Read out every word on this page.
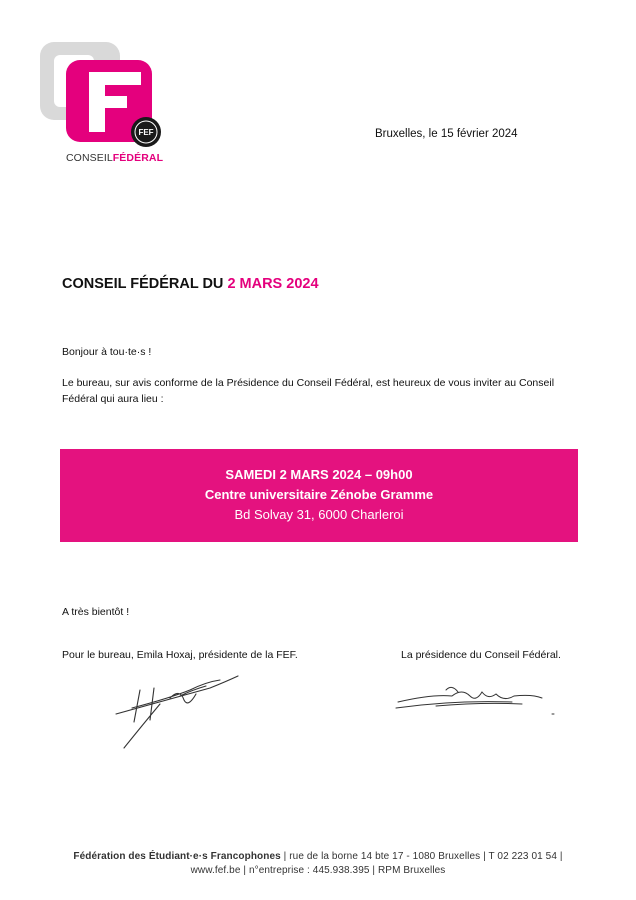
FEF
CONSEILFÉDÉRAL
Bruxelles, le 15 février 2024
CONSEIL FÉDÉRAL DU 2 MARS 2024
Bonjour à tou·te·s !
Le bureau, sur avis conforme de la Présidence du Conseil Fédéral, est heureux de vous inviter au Conseil Fédéral qui aura lieu :
SAMEDI 2 MARS 2024 – 09h00
Centre universitaire Zénobe Gramme
Bd Solvay 31, 6000 Charleroi
A très bientôt !
Pour le bureau, Emila Hoxaj, présidente de la FEF.	La présidence du Conseil Fédéral.
Fédération des Étudiant·e·s Francophones | rue de la borne 14 bte 17 - 1080 Bruxelles | T 02 223 01 54 |
www.fef.be | n°entreprise : 445.938.395 | RPM Bruxelles
